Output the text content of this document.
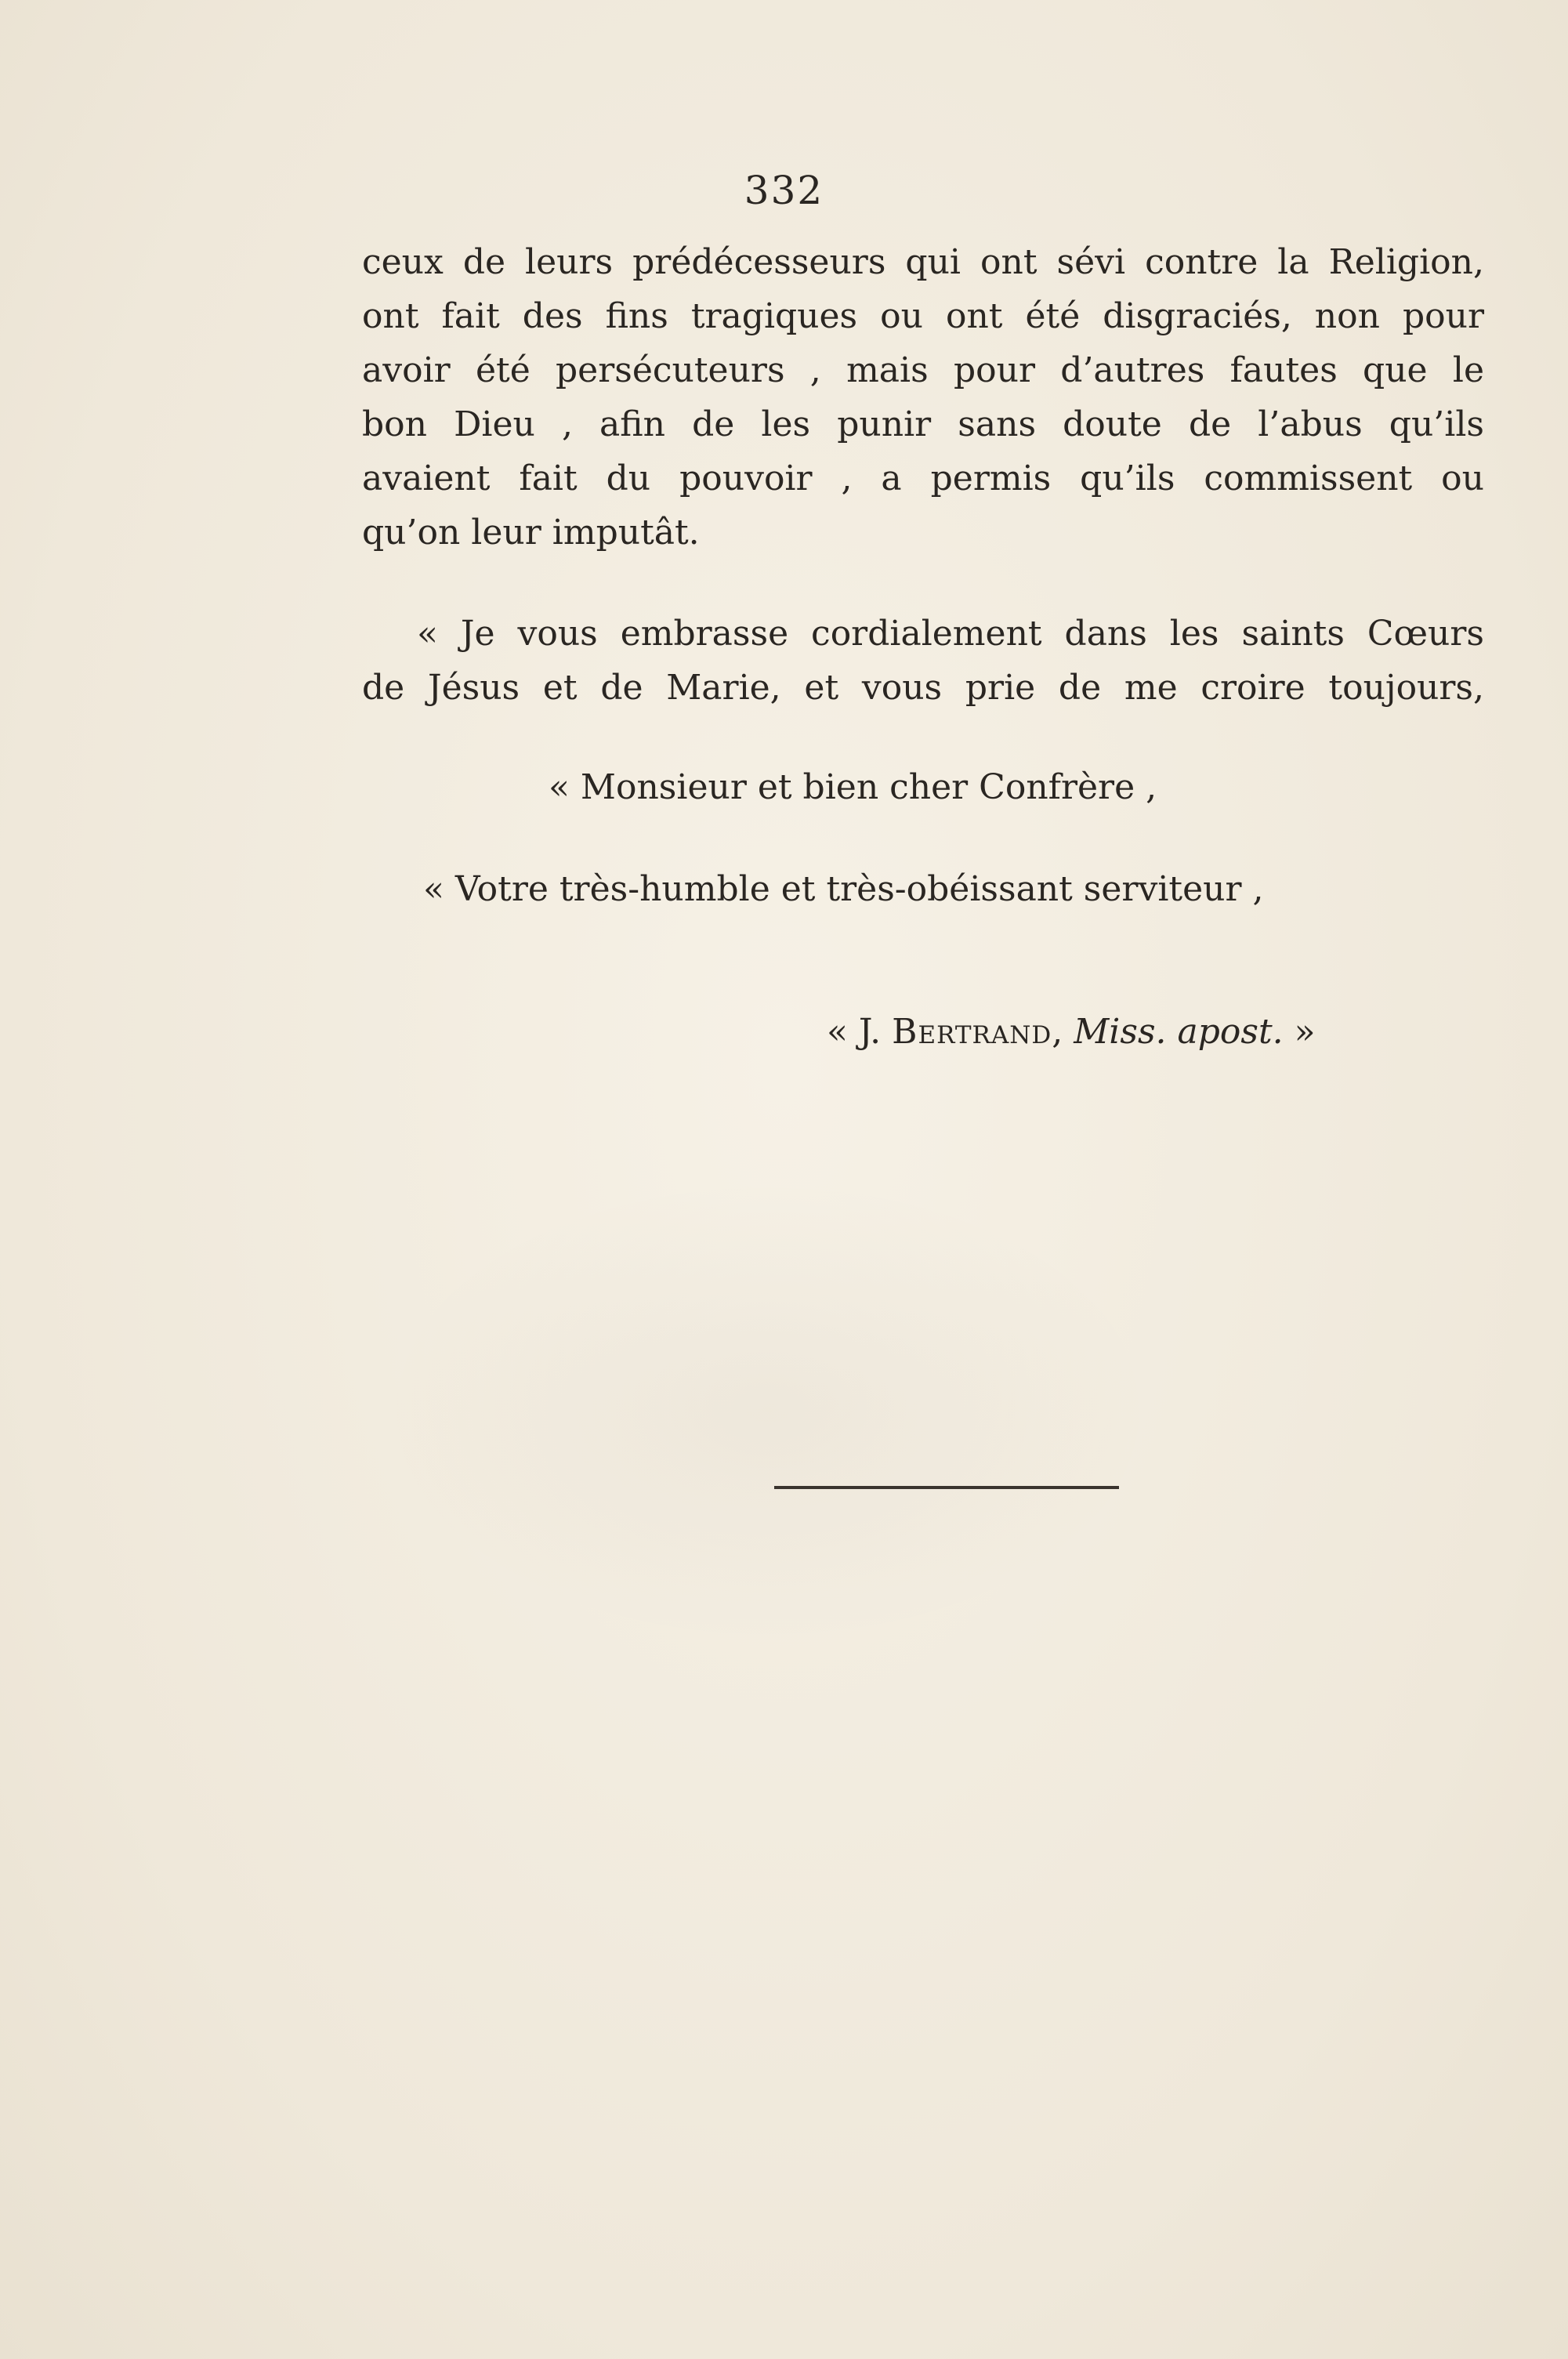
332
ceux de leurs prédécesseurs qui ont sévi contre la Religion,
ont fait des fins tragiques ou ont été disgraciés, non pour
avoir été persécuteurs , mais pour d’autres fautes que le
bon Dieu , afin de les punir sans doute de l’abus qu’ils
avaient fait du pouvoir , a permis qu’ils commissent ou
qu’on leur imputât.
« Je vous embrasse cordialement dans les saints Cœurs
de Jésus et de Marie, et vous prie de me croire toujours,
« Monsieur et bien cher Confrère ,
« Votre très-humble et très-obéissant serviteur ,
« J. Bertrand, Miss. apost. »
